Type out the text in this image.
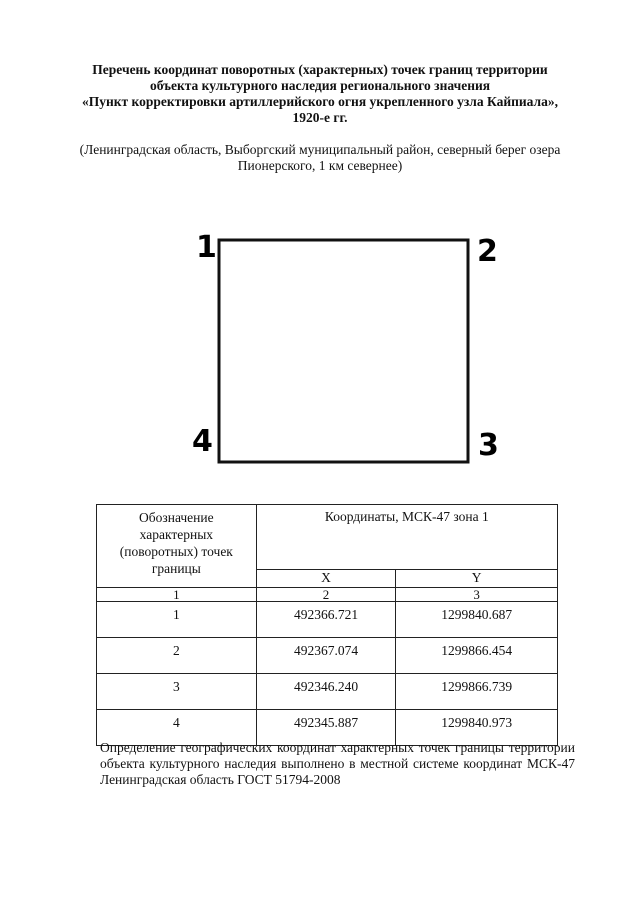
Перечень координат поворотных (характерных) точек границ территории
объекта культурного наследия регионального значения
«Пункт корректировки артиллерийского огня укрепленного узла Кайпиала»,
1920-е гг.
(Ленинградская область, Выборгский муниципальный район, северный берег озера
Пионерского, 1 км севернее)
1	2
3
4
Обозначение
характерных
(поворотных) точек
границы	Координаты, МСК-47 зона 1	
	X	Y
1	2	3
1	492366.721	1299840.687
2	492367.074	1299866.454
3	492346.240	1299866.739
4	492345.887	1299840.973
Определение географических координат характерных точек границы территории объекта культурного наследия выполнено в местной системе координат МСК-47 Ленинградская область ГОСТ 51794-2008
